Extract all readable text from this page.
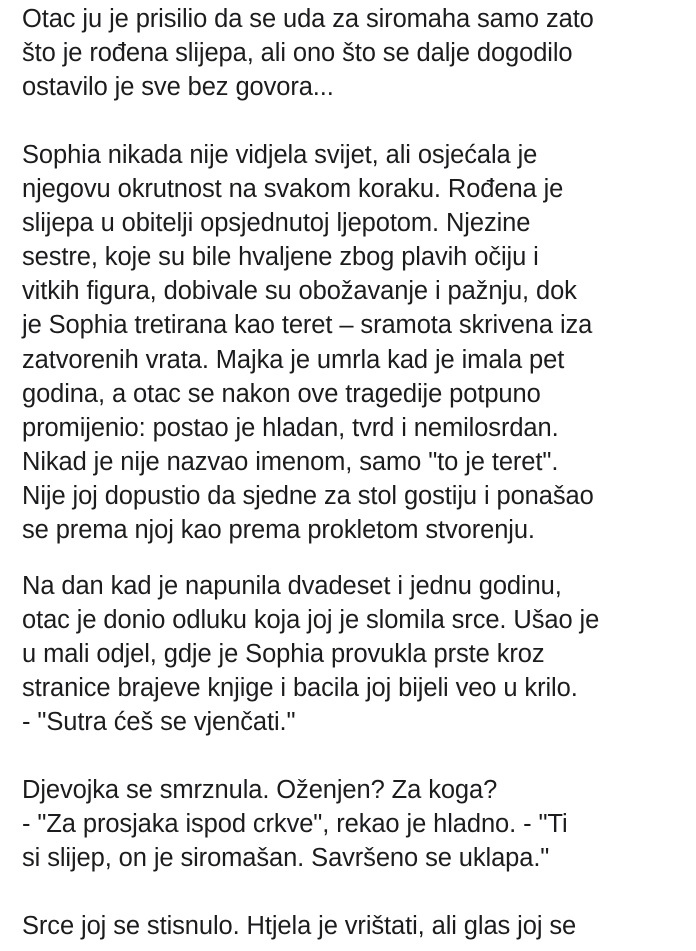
Otac ju je prisilio da se uda za siromaha samo zato
što je rođena slijepa, ali ono što se dalje dogodilo
ostavilo je sve bez govora...
Sophia nikada nije vidjela svijet, ali osjećala je
njegovu okrutnost na svakom koraku. Rođena je
slijepa u obitelji opsjednutoj ljepotom. Njezine
sestre, koje su bile hvaljene zbog plavih očiju i
vitkih figura, dobivale su obožavanje i pažnju, dok
je Sophia tretirana kao teret – sramota skrivena iza
zatvorenih vrata. Majka je umrla kad je imala pet
godina, a otac se nakon ove tragedije potpuno
promijenio: postao je hladan, tvrd i nemilosrdan.
Nikad je nije nazvao imenom, samo "to je teret".
Nije joj dopustio da sjedne za stol gostiju i ponašao
se prema njoj kao prema prokletom stvorenju.
Na dan kad je napunila dvadeset i jednu godinu,
otac je donio odluku koja joj je slomila srce. Ušao je
u mali odjel, gdje je Sophia provukla prste kroz
stranice brajeve knjige i bacila joj bijeli veo u krilo.
- "Sutra ćeš se vjenčati."
Djevojka se smrznula. Oženjen? Za koga?
- "Za prosjaka ispod crkve", rekao je hladno. - "Ti
si slijep, on je siromašan. Savršeno se uklapa."
Srce joj se stisnulo. Htjela je vrištati, ali glas joj se
